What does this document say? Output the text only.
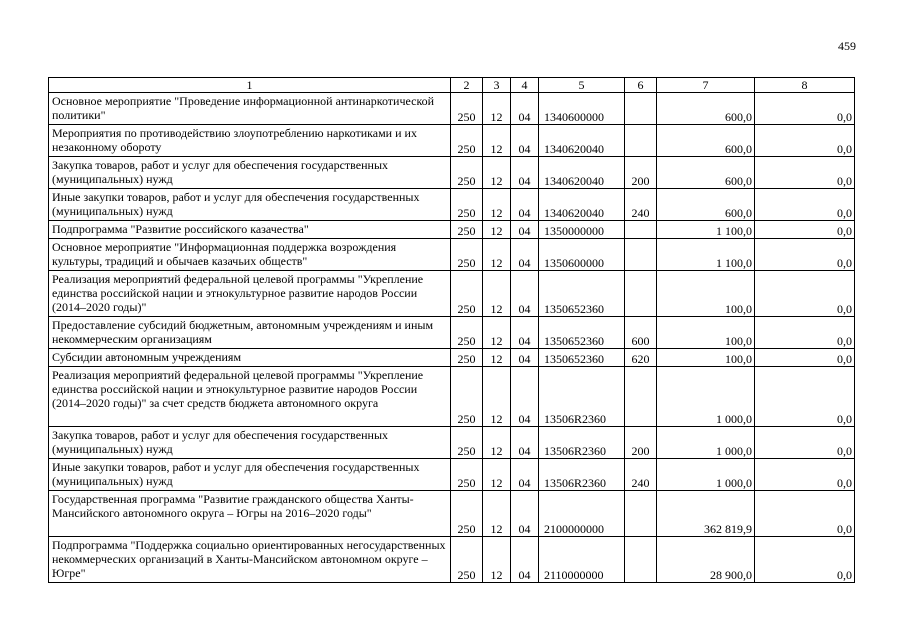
459
1	2	3	4	5	6	7	8
Основное мероприятие "Проведение информационной антинаркотической политики"	250	12	04	1340600000		600,0	0,0
Мероприятия по противодействию злоупотреблению наркотиками и их незаконному обороту	250	12	04	1340620040		600,0	0,0
Закупка товаров, работ и услуг для обеспечения государственных (муниципальных) нужд	250	12	04	1340620040	200	600,0	0,0
Иные закупки товаров, работ и услуг для обеспечения государственных (муниципальных) нужд	250	12	04	1340620040	240	600,0	0,0
Подпрограмма "Развитие российского казачества"	250	12	04	1350000000		1 100,0	0,0
Основное мероприятие "Информационная поддержка возрождения культуры, традиций и обычаев казачьих обществ"	250	12	04	1350600000		1 100,0	0,0
Реализация мероприятий федеральной целевой программы "Укрепление единства российской нации и этнокультурное развитие народов России (2014–2020 годы)"	250	12	04	1350652360		100,0	0,0
Предоставление субсидий бюджетным, автономным учреждениям и иным некоммерческим организациям	250	12	04	1350652360	600	100,0	0,0
Субсидии автономным учреждениям	250	12	04	1350652360	620	100,0	0,0
Реализация мероприятий федеральной целевой программы "Укрепление единства российской нации и этнокультурное развитие народов России (2014–2020 годы)" за счет средств бюджета автономного округа	250	12	04	13506R2360		1 000,0	0,0
Закупка товаров, работ и услуг для обеспечения государственных (муниципальных) нужд	250	12	04	13506R2360	200	1 000,0	0,0
Иные закупки товаров, работ и услуг для обеспечения государственных (муниципальных) нужд	250	12	04	13506R2360	240	1 000,0	0,0
Государственная программа "Развитие гражданского общества Ханты-Мансийского автономного округа – Югры на 2016–2020 годы"	250	12	04	2100000000		362 819,9	0,0
Подпрограмма "Поддержка социально ориентированных негосударственных некоммерческих организаций в Ханты-Мансийском автономном округе – Югре"	250	12	04	2110000000		28 900,0	0,0
